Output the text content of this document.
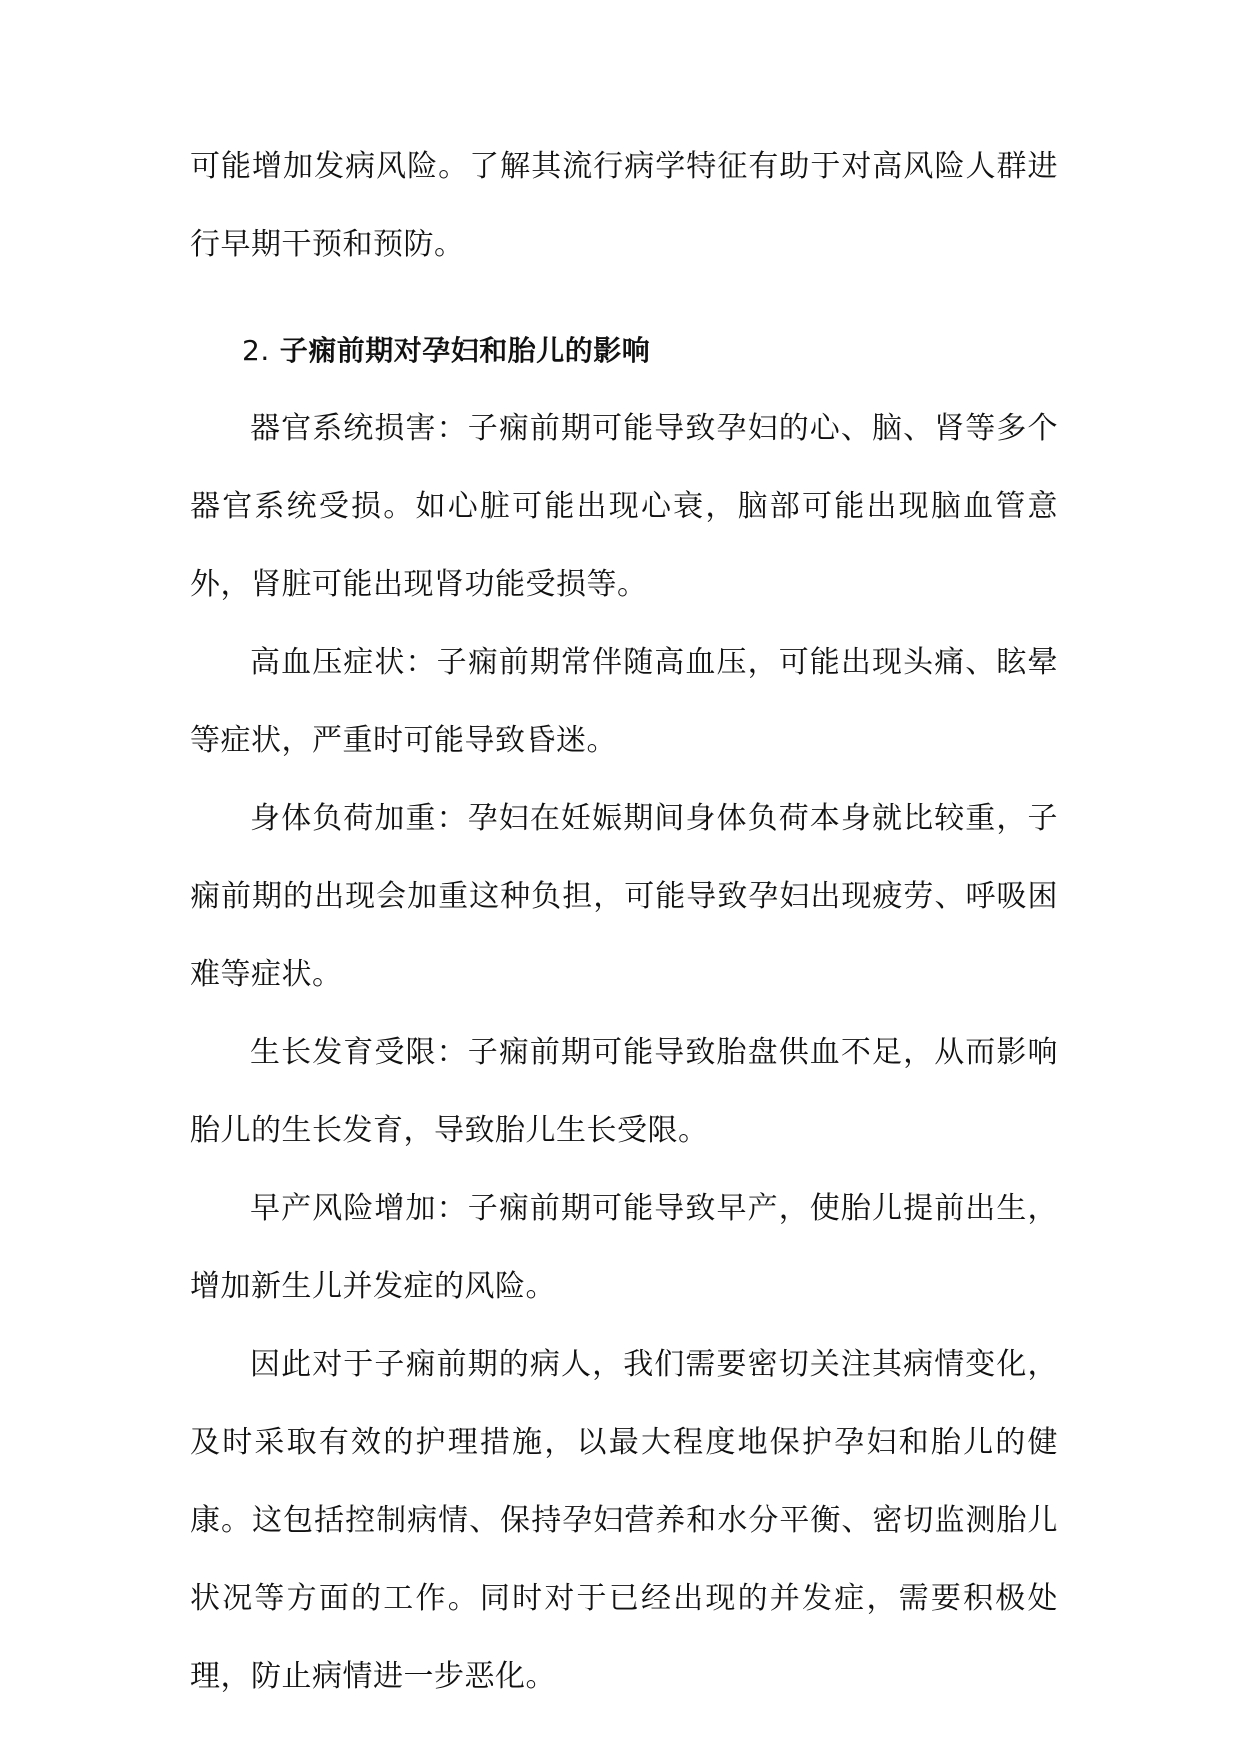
可能增加发病风险。了解其流行病学特征有助于对高风险人群进行早期干预和预防。

2. 子痫前期对孕妇和胎儿的影响

器官系统损害：子痫前期可能导致孕妇的心、脑、肾等多个器官系统受损。如心脏可能出现心衰，脑部可能出现脑血管意外，肾脏可能出现肾功能受损等。

高血压症状：子痫前期常伴随高血压，可能出现头痛、眩晕等症状，严重时可能导致昏迷。

身体负荷加重：孕妇在妊娠期间身体负荷本身就比较重，子痫前期的出现会加重这种负担，可能导致孕妇出现疲劳、呼吸困难等症状。

生长发育受限：子痫前期可能导致胎盘供血不足，从而影响胎儿的生长发育，导致胎儿生长受限。

早产风险增加：子痫前期可能导致早产，使胎儿提前出生，增加新生儿并发症的风险。

因此对于子痫前期的病人，我们需要密切关注其病情变化，及时采取有效的护理措施，以最大程度地保护孕妇和胎儿的健康。这包括控制病情、保持孕妇营养和水分平衡、密切监测胎儿状况等方面的工作。同时对于已经出现的并发症，需要积极处理，防止病情进一步恶化。
